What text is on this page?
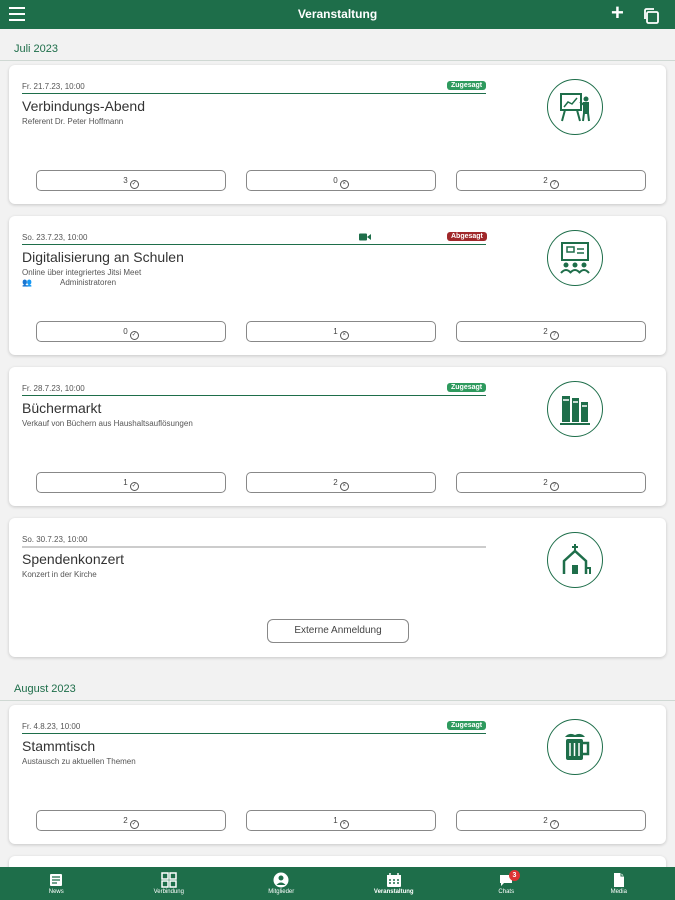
Veranstaltung	+
Juli 2023
Fr. 21.7.23, 10:00	Zugesagt
Verbindungs-Abend
Referent Dr. Peter Hoffmann
3 ✓	0 ×	2 ?
So. 23.7.23, 10:00	Abgesagt
Digitalisierung an Schulen
Online über integriertes Jitsi Meet
👥	Administratoren
0 ✓	1 ×	2 ?
Fr. 28.7.23, 10:00	Zugesagt
Büchermarkt
Verkauf von Büchern aus Haushaltsauflösungen
1 ✓	2 ×	2 ?
So. 30.7.23, 10:00
Spendenkonzert
Konzert in der Kirche
Externe Anmeldung
August 2023
Fr. 4.8.23, 10:00	Zugesagt
Stammtisch
Austausch zu aktuellen Themen
2 ✓	1 ×	2 ?
News	Verbindung	Mitglieder	Veranstaltung
3
Chats	Media
